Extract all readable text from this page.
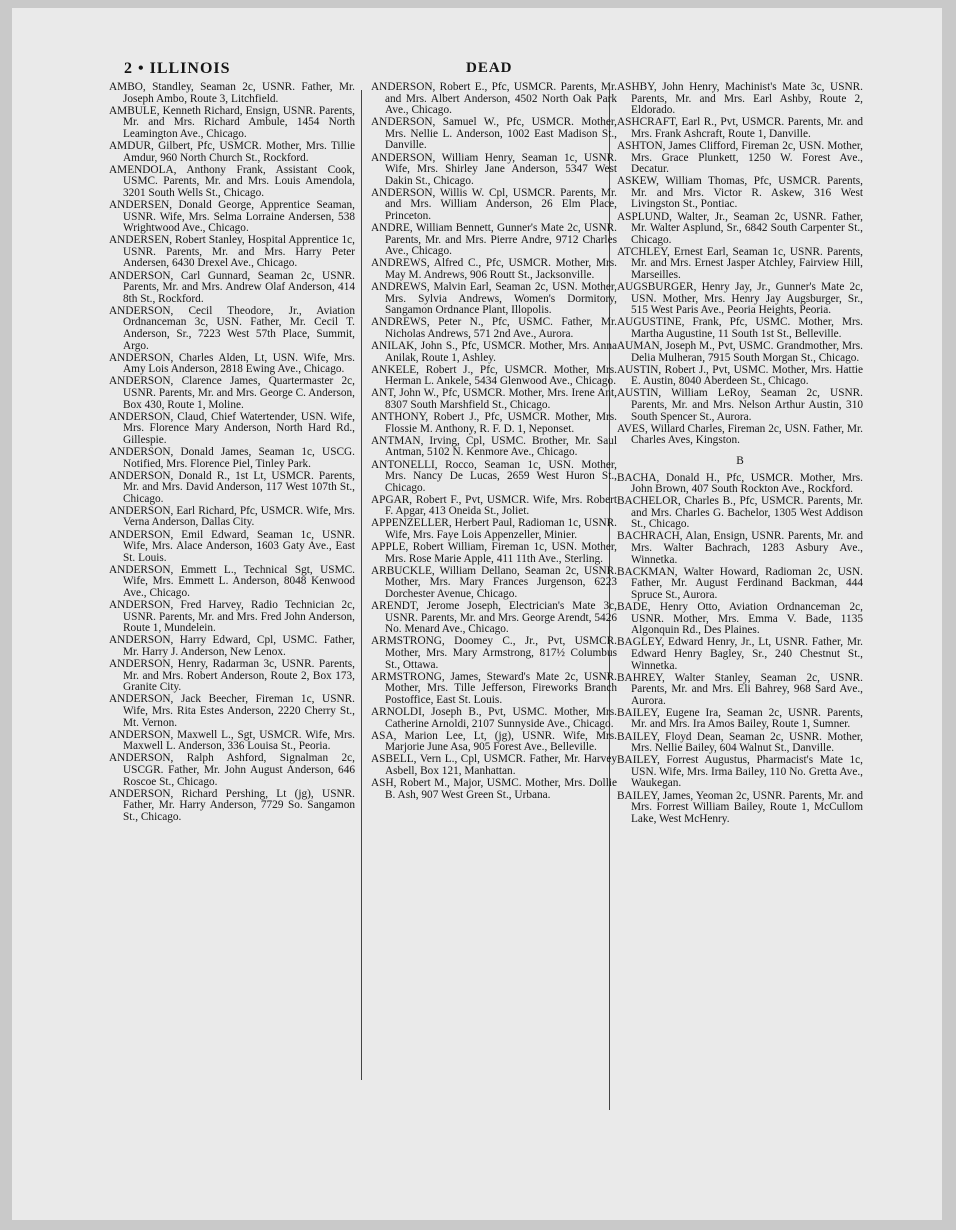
2 • ILLINOIS	DEAD
AMBO, Standley, Seaman 2c, USNR. Father, Mr. Joseph Ambo, Route 3, Litchfield.
AMBULE, Kenneth Richard, Ensign, USNR. Parents, Mr. and Mrs. Richard Ambule, 1454 North Leamington Ave., Chicago.
AMDUR, Gilbert, Pfc, USMCR. Mother, Mrs. Tillie Amdur, 960 North Church St., Rockford.
AMENDOLA, Anthony Frank, Assistant Cook, USMC. Parents, Mr. and Mrs. Louis Amendola, 3201 South Wells St., Chicago.
ANDERSEN, Donald George, Apprentice Seaman, USNR. Wife, Mrs. Selma Lorraine Andersen, 538 Wrightwood Ave., Chicago.
ANDERSEN, Robert Stanley, Hospital Apprentice 1c, USNR. Parents, Mr. and Mrs. Harry Peter Andersen, 6430 Drexel Ave., Chicago.
ANDERSON, Carl Gunnard, Seaman 2c, USNR. Parents, Mr. and Mrs. Andrew Olaf Anderson, 414 8th St., Rockford.
ANDERSON, Cecil Theodore, Jr., Aviation Ordnanceman 3c, USN. Father, Mr. Cecil T. Anderson, Sr., 7223 West 57th Place, Summit, Argo.
ANDERSON, Charles Alden, Lt, USN. Wife, Mrs. Amy Lois Anderson, 2818 Ewing Ave., Chicago.
ANDERSON, Clarence James, Quartermaster 2c, USNR. Parents, Mr. and Mrs. George C. Anderson, Box 430, Route 1, Moline.
ANDERSON, Claud, Chief Watertender, USN. Wife, Mrs. Florence Mary Anderson, North Hard Rd., Gillespie.
ANDERSON, Donald James, Seaman 1c, USCG. Notified, Mrs. Florence Piel, Tinley Park.
ANDERSON, Donald R., 1st Lt, USMCR. Parents, Mr. and Mrs. David Anderson, 117 West 107th St., Chicago.
ANDERSON, Earl Richard, Pfc, USMCR. Wife, Mrs. Verna Anderson, Dallas City.
ANDERSON, Emil Edward, Seaman 1c, USNR. Wife, Mrs. Alace Anderson, 1603 Gaty Ave., East St. Louis.
ANDERSON, Emmett L., Technical Sgt, USMC. Wife, Mrs. Emmett L. Anderson, 8048 Kenwood Ave., Chicago.
ANDERSON, Fred Harvey, Radio Technician 2c, USNR. Parents, Mr. and Mrs. Fred John Anderson, Route 1, Mundelein.
ANDERSON, Harry Edward, Cpl, USMC. Father, Mr. Harry J. Anderson, New Lenox.
ANDERSON, Henry, Radarman 3c, USNR. Parents, Mr. and Mrs. Robert Anderson, Route 2, Box 173, Granite City.
ANDERSON, Jack Beecher, Fireman 1c, USNR. Wife, Mrs. Rita Estes Anderson, 2220 Cherry St., Mt. Vernon.
ANDERSON, Maxwell L., Sgt, USMCR. Wife, Mrs. Maxwell L. Anderson, 336 Louisa St., Peoria.
ANDERSON, Ralph Ashford, Signalman 2c, USCGR. Father, Mr. John August Anderson, 646 Roscoe St., Chicago.
ANDERSON, Richard Pershing, Lt (jg), USNR. Father, Mr. Harry Anderson, 7729 So. Sangamon St., Chicago.
ANDERSON, Robert E., Pfc, USMCR. Parents, Mr. and Mrs. Albert Anderson, 4502 North Oak Park Ave., Chicago.
ANDERSON, Samuel W., Pfc, USMCR. Mother, Mrs. Nellie L. Anderson, 1002 East Madison St., Danville.
ANDERSON, William Henry, Seaman 1c, USNR. Wife, Mrs. Shirley Jane Anderson, 5347 West Dakin St., Chicago.
ANDERSON, Willis W. Cpl, USMCR. Parents, Mr. and Mrs. William Anderson, 26 Elm Place, Princeton.
ANDRE, William Bennett, Gunner's Mate 2c, USNR. Parents, Mr. and Mrs. Pierre Andre, 9712 Charles Ave., Chicago.
ANDREWS, Alfred C., Pfc, USMCR. Mother, Mrs. May M. Andrews, 906 Routt St., Jacksonville.
ANDREWS, Malvin Earl, Seaman 2c, USN. Mother, Mrs. Sylvia Andrews, Women's Dormitory, Sangamon Ordnance Plant, Illopolis.
ANDREWS, Peter N., Pfc, USMC. Father, Mr. Nicholas Andrews, 571 2nd Ave., Aurora.
ANILAK, John S., Pfc, USMCR. Mother, Mrs. Anna Anilak, Route 1, Ashley.
ANKELE, Robert J., Pfc, USMCR. Mother, Mrs. Herman L. Ankele, 5434 Glenwood Ave., Chicago.
ANT, John W., Pfc, USMCR. Mother, Mrs. Irene Ant, 8307 South Marshfield St., Chicago.
ANTHONY, Robert J., Pfc, USMCR. Mother, Mrs. Flossie M. Anthony, R. F. D. 1, Neponset.
ANTMAN, Irving, Cpl, USMC. Brother, Mr. Saul Antman, 5102 N. Kenmore Ave., Chicago.
ANTONELLI, Rocco, Seaman 1c, USN. Mother, Mrs. Nancy De Lucas, 2659 West Huron St., Chicago.
APGAR, Robert F., Pvt, USMCR. Wife, Mrs. Robert F. Apgar, 413 Oneida St., Joliet.
APPENZELLER, Herbert Paul, Radioman 1c, USNR. Wife, Mrs. Faye Lois Appenzeller, Minier.
APPLE, Robert William, Fireman 1c, USN. Mother, Mrs. Rose Marie Apple, 411 11th Ave., Sterling.
ARBUCKLE, William Dellano, Seaman 2c, USNR. Mother, Mrs. Mary Frances Jurgenson, 6223 Dorchester Avenue, Chicago.
ARENDT, Jerome Joseph, Electrician's Mate 3c, USNR. Parents, Mr. and Mrs. George Arendt, 5426 No. Menard Ave., Chicago.
ARMSTRONG, Doomey C., Jr., Pvt, USMCR. Mother, Mrs. Mary Armstrong, 817½ Columbus St., Ottawa.
ARMSTRONG, James, Steward's Mate 2c, USNR. Mother, Mrs. Tille Jefferson, Fireworks Branch Postoffice, East St. Louis.
ARNOLDI, Joseph B., Pvt, USMC. Mother, Mrs. Catherine Arnoldi, 2107 Sunnyside Ave., Chicago.
ASA, Marion Lee, Lt, (jg), USNR. Wife, Mrs. Marjorie June Asa, 905 Forest Ave., Belleville.
ASBELL, Vern L., Cpl, USMCR. Father, Mr. Harvey Asbell, Box 121, Manhattan.
ASH, Robert M., Major, USMC. Mother, Mrs. Dollie B. Ash, 907 West Green St., Urbana.
ASHBY, John Henry, Machinist's Mate 3c, USNR. Parents, Mr. and Mrs. Earl Ashby, Route 2, Eldorado.
ASHCRAFT, Earl R., Pvt, USMCR. Parents, Mr. and Mrs. Frank Ashcraft, Route 1, Danville.
ASHTON, James Clifford, Fireman 2c, USN. Mother, Mrs. Grace Plunkett, 1250 W. Forest Ave., Decatur.
ASKEW, William Thomas, Pfc, USMCR. Parents, Mr. and Mrs. Victor R. Askew, 316 West Livingston St., Pontiac.
ASPLUND, Walter, Jr., Seaman 2c, USNR. Father, Mr. Walter Asplund, Sr., 6842 South Carpenter St., Chicago.
ATCHLEY, Ernest Earl, Seaman 1c, USNR. Parents, Mr. and Mrs. Ernest Jasper Atchley, Fairview Hill, Marseilles.
AUGSBURGER, Henry Jay, Jr., Gunner's Mate 2c, USN. Mother, Mrs. Henry Jay Augsburger, Sr., 515 West Paris Ave., Peoria Heights, Peoria.
AUGUSTINE, Frank, Pfc, USMC. Mother, Mrs. Martha Augustine, 11 South 1st St., Belleville.
AUMAN, Joseph M., Pvt, USMC. Grandmother, Mrs. Delia Mulheran, 7915 South Morgan St., Chicago.
AUSTIN, Robert J., Pvt, USMC. Mother, Mrs. Hattie E. Austin, 8040 Aberdeen St., Chicago.
AUSTIN, William LeRoy, Seaman 2c, USNR. Parents, Mr. and Mrs. Nelson Arthur Austin, 310 South Spencer St., Aurora.
AVES, Willard Charles, Fireman 2c, USN. Father, Mr. Charles Aves, Kingston.
B
BACHA, Donald H., Pfc, USMCR. Mother, Mrs. John Brown, 407 South Rockton Ave., Rockford.
BACHELOR, Charles B., Pfc, USMCR. Parents, Mr. and Mrs. Charles G. Bachelor, 1305 West Addison St., Chicago.
BACHRACH, Alan, Ensign, USNR. Parents, Mr. and Mrs. Walter Bachrach, 1283 Asbury Ave., Winnetka.
BACKMAN, Walter Howard, Radioman 2c, USN. Father, Mr. August Ferdinand Backman, 444 Spruce St., Aurora.
BADE, Henry Otto, Aviation Ordnanceman 2c, USNR. Mother, Mrs. Emma V. Bade, 1135 Algonquin Rd., Des Plaines.
BAGLEY, Edward Henry, Jr., Lt, USNR. Father, Mr. Edward Henry Bagley, Sr., 240 Chestnut St., Winnetka.
BAHREY, Walter Stanley, Seaman 2c, USNR. Parents, Mr. and Mrs. Eli Bahrey, 968 Sard Ave., Aurora.
BAILEY, Eugene Ira, Seaman 2c, USNR. Parents, Mr. and Mrs. Ira Amos Bailey, Route 1, Sumner.
BAILEY, Floyd Dean, Seaman 2c, USNR. Mother, Mrs. Nellie Bailey, 604 Walnut St., Danville.
BAILEY, Forrest Augustus, Pharmacist's Mate 1c, USN. Wife, Mrs. Irma Bailey, 110 No. Gretta Ave., Waukegan.
BAILEY, James, Yeoman 2c, USNR. Parents, Mr. and Mrs. Forrest William Bailey, Route 1, McCullom Lake, West McHenry.
